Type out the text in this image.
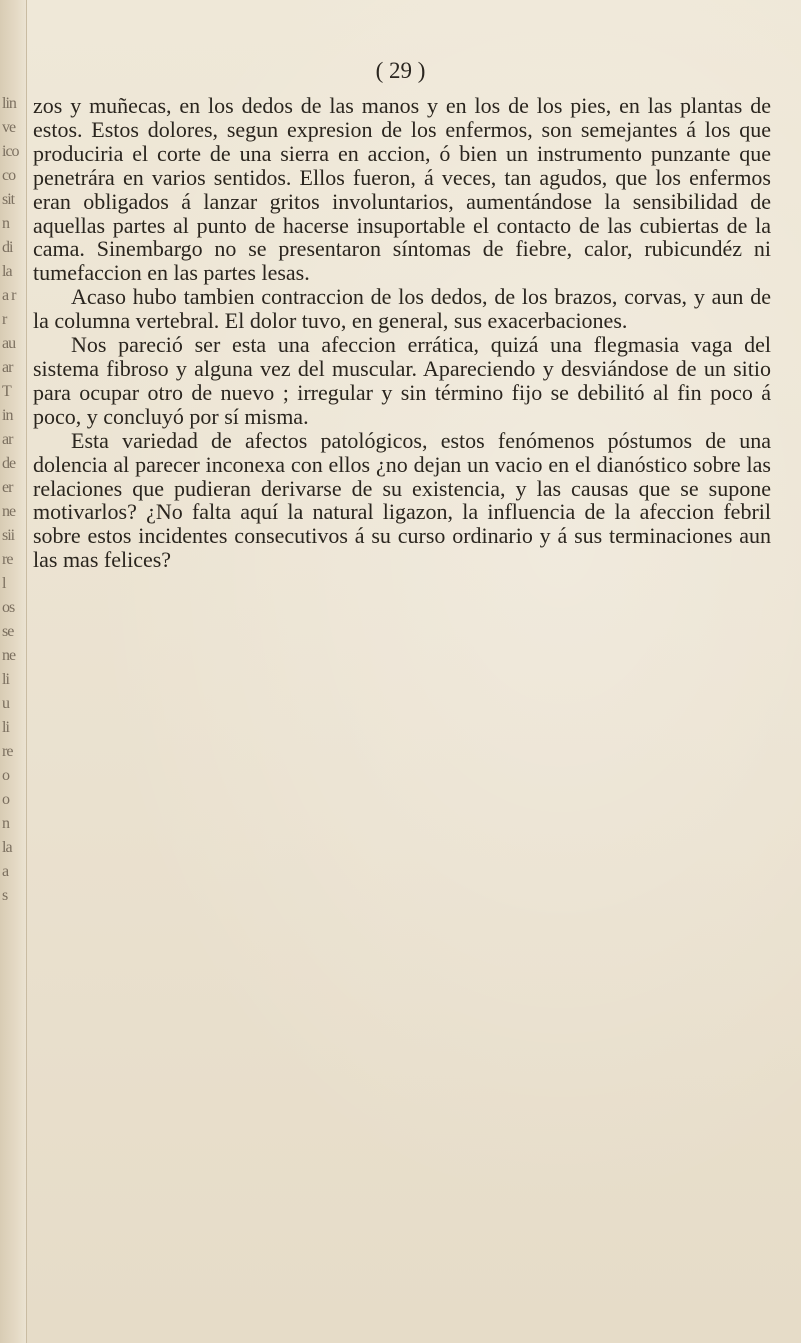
lin
ve
ico
co
sit
n
di
la
a r
r
au
ar
T
in
ar
de
er
ne
sii
re
l
os
se
ne
li
u
li
re
o
o
n
la
a
s
( 29 )

zos y muñecas, en los dedos de las manos y en los de los pies, en las plantas de estos. Estos dolores, segun expresion de los enfermos, son semejantes á los que produciria el corte de una sierra en accion, ó bien un instrumento punzante que penetrára en varios sentidos. Ellos fueron, á veces, tan agudos, que los enfermos eran obligados á lanzar gritos involuntarios, aumentándose la sensibilidad de aquellas partes al punto de hacerse insuportable el contacto de las cubiertas de la cama. Sinembargo no se presentaron síntomas de fiebre, calor, rubicundéz ni tumefaccion en las partes lesas.

Acaso hubo tambien contraccion de los dedos, de los brazos, corvas, y aun de la columna vertebral. El dolor tuvo, en general, sus exacerbaciones.

Nos pareció ser esta una afeccion errática, quizá una flegmasia vaga del sistema fibroso y alguna vez del muscular. Apareciendo y desviándose de un sitio para ocupar otro de nuevo ; irregular y sin término fijo se debilitó al fin poco á poco, y concluyó por sí misma.

Esta variedad de afectos patológicos, estos fenómenos póstumos de una dolencia al parecer inconexa con ellos ¿no dejan un vacio en el dianóstico sobre las relaciones que pudieran derivarse de su existencia, y las causas que se supone motivarlos? ¿No falta aquí la natural ligazon, la influencia de la afeccion febril sobre estos incidentes consecutivos á su curso ordinario y á sus terminaciones aun las mas felices?
